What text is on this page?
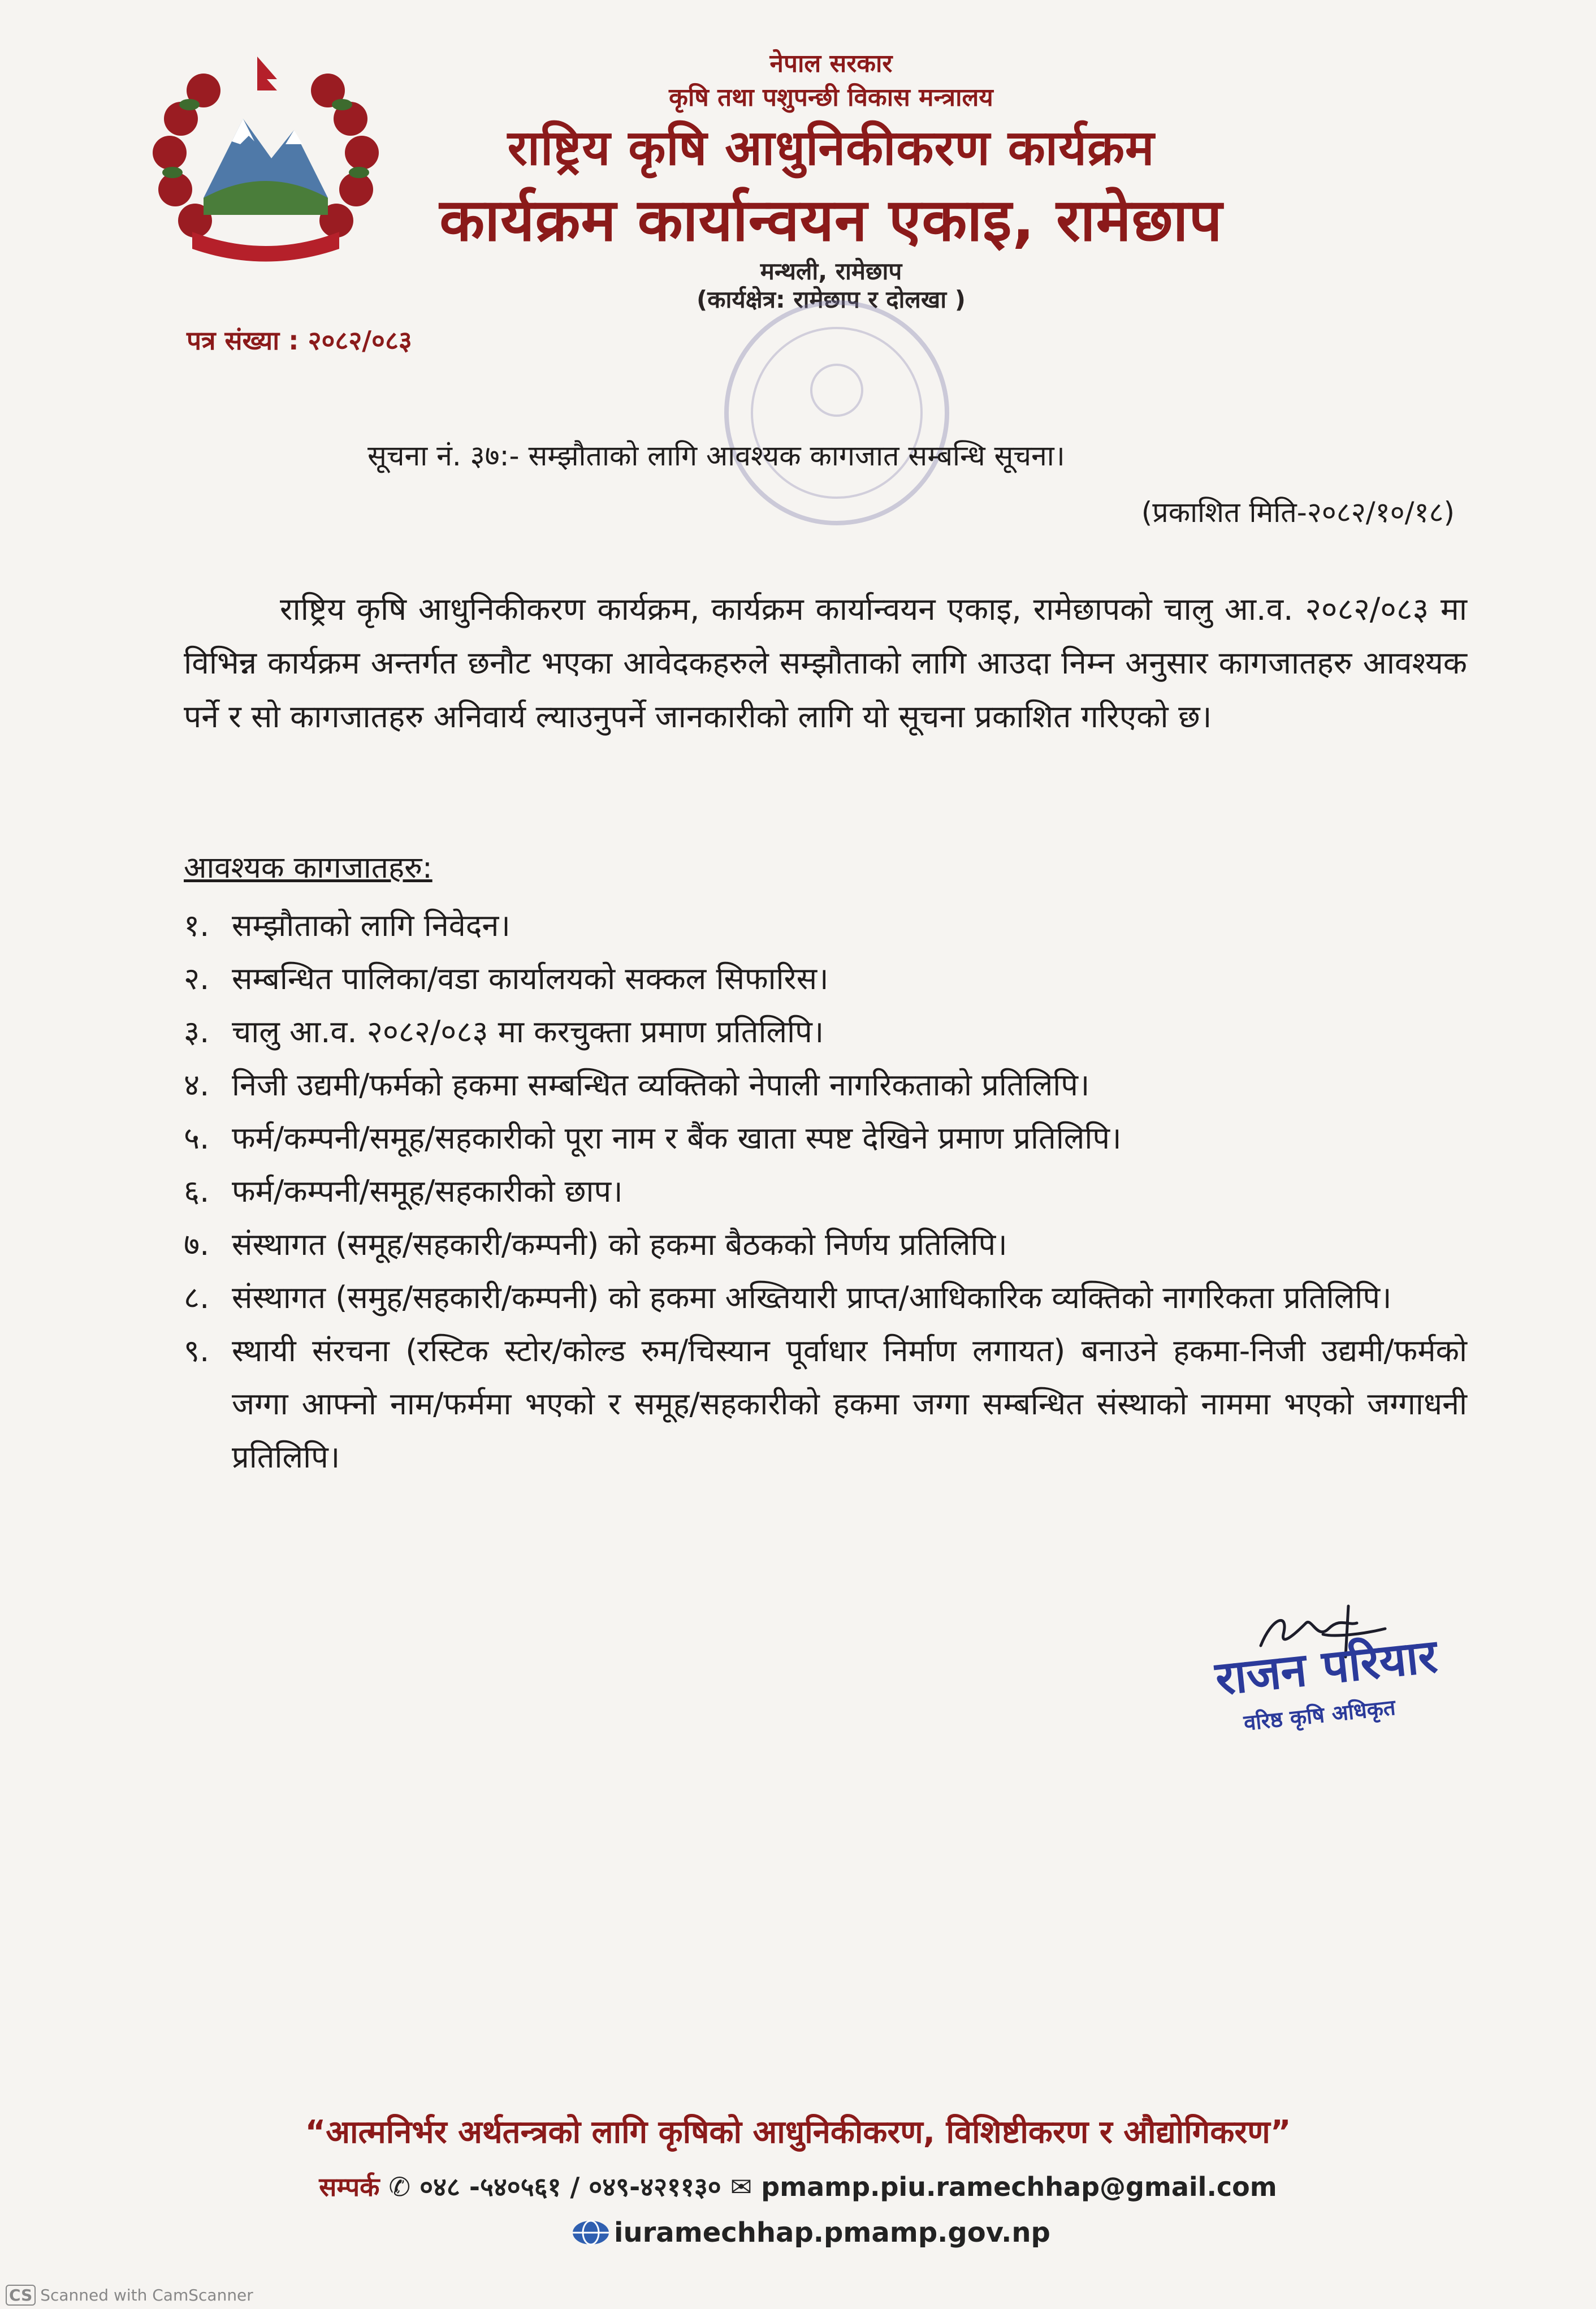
नेपाल सरकार
कृषि तथा पशुपन्छी विकास मन्त्रालय
राष्ट्रिय कृषि आधुनिकीकरण कार्यक्रम
कार्यक्रम कार्यान्वयन एकाइ, रामेछाप
मन्थली, रामेछाप
(कार्यक्षेत्र: रामेछाप र दोलखा )
पत्र संख्या : २०८२/०८३
सूचना नं. ३७:- सम्झौताको लागि आवश्यक कागजात सम्बन्धि सूचना।
(प्रकाशित मिति-२०८२/१०/१८)

राष्ट्रिय कृषि आधुनिकीकरण कार्यक्रम, कार्यक्रम कार्यान्वयन एकाइ, रामेछापको चालु आ.व. २०८२/०८३ मा विभिन्न कार्यक्रम अन्तर्गत छनौट भएका आवेदकहरुले सम्झौताको लागि आउदा निम्न अनुसार कागजातहरु आवश्यक पर्ने र सो कागजातहरु अनिवार्य ल्याउनुपर्ने जानकारीको लागि यो सूचना प्रकाशित गरिएको छ।

आवश्यक कागजातहरु:
१. सम्झौताको लागि निवेदन।
२. सम्बन्धित पालिका/वडा कार्यालयको सक्कल सिफारिस।
३. चालु आ.व. २०८२/०८३ मा करचुक्ता प्रमाण प्रतिलिपि।
४. निजी उद्यमी/फर्मको हकमा सम्बन्धित व्यक्तिको नेपाली नागरिकताको प्रतिलिपि।
५. फर्म/कम्पनी/समूह/सहकारीको पूरा नाम र बैंक खाता स्पष्ट देखिने प्रमाण प्रतिलिपि।
६. फर्म/कम्पनी/समूह/सहकारीको छाप।
७. संस्थागत (समूह/सहकारी/कम्पनी) को हकमा बैठकको निर्णय प्रतिलिपि।
८. संस्थागत (समुह/सहकारी/कम्पनी) को हकमा अख्तियारी प्राप्त/आधिकारिक व्यक्तिको नागरिकता प्रतिलिपि।
९. स्थायी संरचना (रस्टिक स्टोर/कोल्ड रुम/चिस्यान पूर्वाधार निर्माण लगायत) बनाउने हकमा-निजी उद्यमी/फर्मको जग्गा आफ्नो नाम/फर्ममा भएको र समूह/सहकारीको हकमा जग्गा सम्बन्धित संस्थाको नाममा भएको जग्गाधनी प्रतिलिपि।
राजन परियार
वरिष्ठ कृषि अधिकृत
“आत्मनिर्भर अर्थतन्त्रको लागि कृषिको आधुनिकीकरण, विशिष्टीकरण र औद्योगिकरण”
सम्पर्क ✆ ०४८ -५४०५६१ / ०४९-४२११३० ✉ pmamp.piu.ramechhap@gmail.com
iuramechhap.pmamp.gov.np
CS Scanned with CamScanner
